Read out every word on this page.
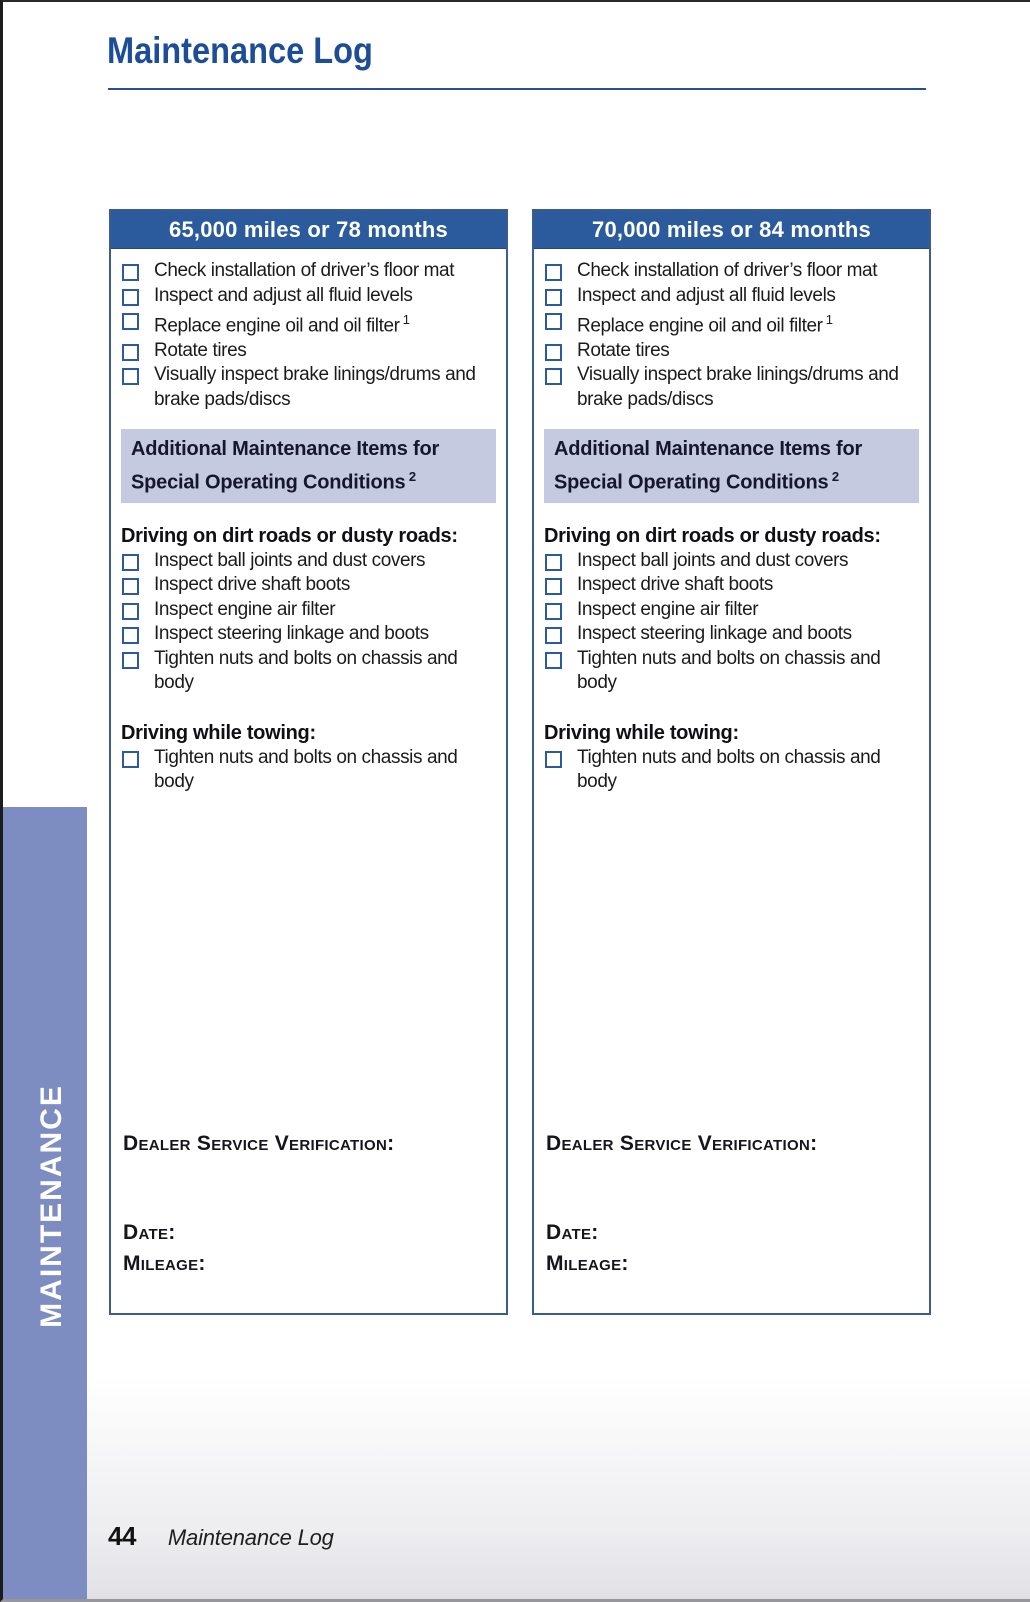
Maintenance Log
65,000 miles or 78 months
Check installation of driver’s floor mat
Inspect and adjust all fluid levels
Replace engine oil and oil filter $^1$
Rotate tires
Visually inspect brake linings/drums and brake pads/discs
Additional Maintenance Items for Special Operating Conditions $^2$
Driving on dirt roads or dusty roads:
Inspect ball joints and dust covers
Inspect drive shaft boots
Inspect engine air filter
Inspect steering linkage and boots
Tighten nuts and bolts on chassis and body
Driving while towing:
Tighten nuts and bolts on chassis and body
Dealer Service Verification:
Date:
Mileage:
70,000 miles or 84 months
Check installation of driver’s floor mat
Inspect and adjust all fluid levels
Replace engine oil and oil filter $^1$
Rotate tires
Visually inspect brake linings/drums and brake pads/discs
Additional Maintenance Items for Special Operating Conditions $^2$
Driving on dirt roads or dusty roads:
Inspect ball joints and dust covers
Inspect drive shaft boots
Inspect engine air filter
Inspect steering linkage and boots
Tighten nuts and bolts on chassis and body
Driving while towing:
Tighten nuts and bolts on chassis and body
Dealer Service Verification:
Date:
Mileage:
MAINTENANCE
44 Maintenance Log
